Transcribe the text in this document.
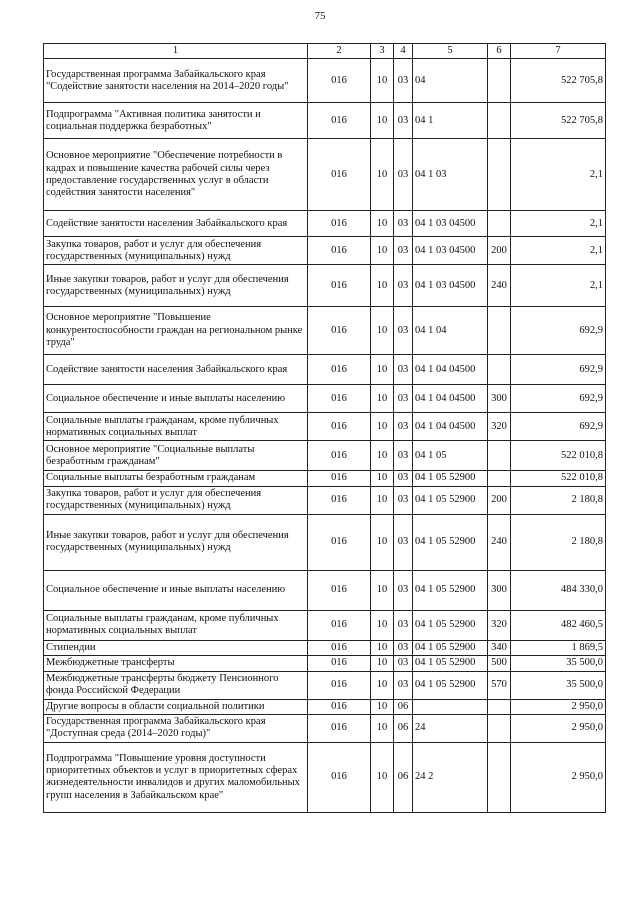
75
1	2	3	4	5	6	7
Государственная программа Забайкальского края "Содействие занятости населения на 2014–2020 годы"	016	10	03	04		522 705,8
Подпрограмма "Активная политика занятости и социальная поддержка безработных"	016	10	03	04 1		522 705,8
Основное мероприятие "Обеспечение потребности в кадрах и повышение качества рабочей силы через предоставление государственных услуг в области содействия занятости населения"	016	10	03	04 1 03		2,1
Содействие занятости населения Забайкальского края	016	10	03	04 1 03 04500		2,1
Закупка товаров, работ и услуг для обеспечения государственных (муниципальных) нужд	016	10	03	04 1 03 04500	200	2,1
Иные закупки товаров, работ и услуг для обеспечения государственных (муниципальных) нужд	016	10	03	04 1 03 04500	240	2,1
Основное мероприятие "Повышение конкурентоспособности граждан на региональном рынке труда"	016	10	03	04 1 04		692,9
Содействие занятости населения Забайкальского края	016	10	03	04 1 04 04500		692,9
Социальное обеспечение и иные выплаты населению	016	10	03	04 1 04 04500	300	692,9
Социальные выплаты гражданам, кроме публичных нормативных социальных выплат	016	10	03	04 1 04 04500	320	692,9
Основное мероприятие "Социальные выплаты безработным гражданам"	016	10	03	04 1 05		522 010,8
Социальные выплаты безработным гражданам	016	10	03	04 1 05 52900		522 010,8
Закупка товаров, работ и услуг для обеспечения государственных (муниципальных) нужд	016	10	03	04 1 05 52900	200	2 180,8
Иные закупки товаров, работ и услуг для обеспечения государственных (муниципальных) нужд	016	10	03	04 1 05 52900	240	2 180,8
Социальное обеспечение и иные выплаты населению	016	10	03	04 1 05 52900	300	484 330,0
Социальные выплаты гражданам, кроме публичных нормативных социальных выплат	016	10	03	04 1 05 52900	320	482 460,5
Стипендии	016	10	03	04 1 05 52900	340	1 869,5
Межбюджетные трансферты	016	10	03	04 1 05 52900	500	35 500,0
Межбюджетные трансферты бюджету Пенсионного фонда Российской Федерации	016	10	03	04 1 05 52900	570	35 500,0
Другие вопросы в области социальной политики	016	10	06			2 950,0
Государственная программа Забайкальского края "Доступная среда (2014–2020 годы)"	016	10	06	24		2 950,0
Подпрограмма "Повышение уровня доступности приоритетных объектов и услуг в приоритетных сферах жизнедеятельности инвалидов и других маломобильных групп населения в Забайкальском крае"	016	10	06	24 2		2 950,0
